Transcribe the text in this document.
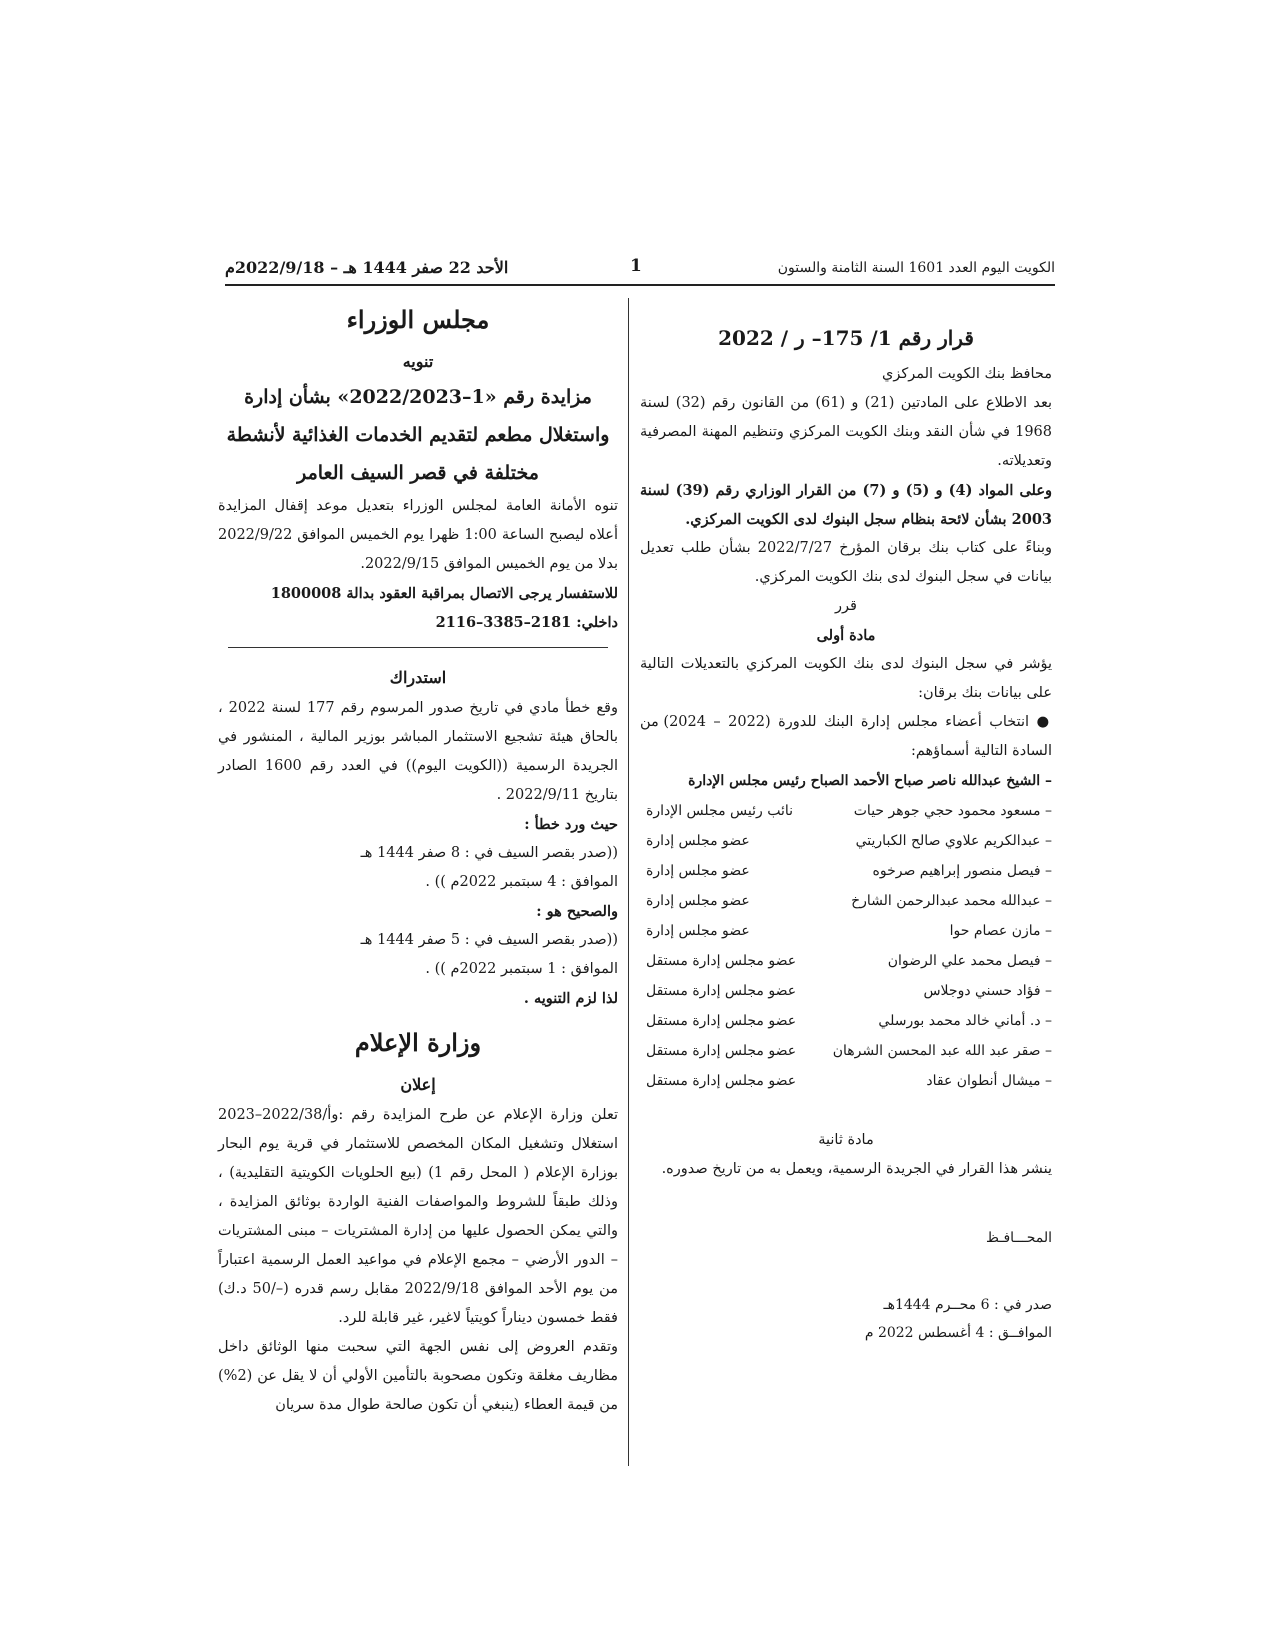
الكويت اليوم العدد 1601 السنة الثامنة والستون
1
الأحد 22 صفر 1444 هـ – 2022/9/18م
قرار رقم 1/ 175– ر / 2022

محافظ بنك الكويت المركزي

بعد الاطلاع على المادتين (21) و (61) من القانون رقم (32) لسنة 1968 في شأن النقد وبنك الكويت المركزي وتنظيم المهنة المصرفية وتعديلاته.

وعلى المواد (4) و (5) و (7) من القرار الوزاري رقم (39) لسنة 2003 بشأن لائحة بنظام سجل البنوك لدى الكويت المركزي.

وبناءً على كتاب بنك برقان المؤرخ 2022/7/27 بشأن طلب تعديل بيانات في سجل البنوك لدى بنك الكويت المركزي.

قرر

مادة أولى

يؤشر في سجل البنوك لدى بنك الكويت المركزي بالتعديلات التالية على بيانات بنك برقان:

● انتخاب أعضاء مجلس إدارة البنك للدورة (2022 – 2024) من السادة التالية أسماؤهم:

– الشيخ عبدالله ناصر صباح الأحمد الصباح رئيس مجلس الإدارة
– مسعود محمود حجي جوهر حيات
نائب رئيس مجلس الإدارة
– عبدالكريم علاوي صالح الكباريتي
عضو مجلس إدارة
– فيصل منصور إبراهيم صرخوه
عضو مجلس إدارة
– عبدالله محمد عبدالرحمن الشارخ
عضو مجلس إدارة
– مازن عصام حوا
عضو مجلس إدارة
– فيصل محمد علي الرضوان
عضو مجلس إدارة مستقل
– فؤاد حسني دوجلاس
عضو مجلس إدارة مستقل
– د. أماني خالد محمد بورسلي
عضو مجلس إدارة مستقل
– صقر عبد الله عبد المحسن الشرهان
عضو مجلس إدارة مستقل
– ميشال أنطوان عقاد
عضو مجلس إدارة مستقل

مادة ثانية

ينشر هذا القرار في الجريدة الرسمية، ويعمل به من تاريخ صدوره.

المحـــافـظ
صدر في : 6 محــرم 1444هـ
الموافــق : 4 أغسطس 2022 م
مجلس الوزراء
تنويه
مزايدة رقم «1–2022/2023» بشأن إدارة
واستغلال مطعم لتقديم الخدمات الغذائية لأنشطة
مختلفة في قصر السيف العامر

تنوه الأمانة العامة لمجلس الوزراء بتعديل موعد إقفال المزايدة أعلاه ليصبح الساعة 1:00 ظهرا يوم الخميس الموافق 2022/9/22 بدلا من يوم الخميس الموافق 2022/9/15.

للاستفسار يرجى الاتصال بمراقبة العقود بدالة 1800008

داخلي: 2181–3385–2116

استدراك

وقع خطأ مادي في تاريخ صدور المرسوم رقم 177 لسنة 2022 ، بالحاق هيئة تشجيع الاستثمار المباشر بوزير المالية ، المنشور في الجريدة الرسمية ((الكويت اليوم)) في العدد رقم 1600 الصادر بتاريخ 2022/9/11 .

حيث ورد خطأ :

((صدر بقصر السيف في : 8 صفر 1444 هـ

الموافق : 4 سبتمبر 2022م )) .

والصحيح هو :

((صدر بقصر السيف في : 5 صفر 1444 هـ

الموافق : 1 سبتمبر 2022م )) .

لذا لزم التنويه .

وزارة الإعلام
إعلان

تعلن وزارة الإعلام عن طرح المزايدة رقم :وأ/2022/38–2023 استغلال وتشغيل المكان المخصص للاستثمار في قرية يوم البحار بوزارة الإعلام ( المحل رقم 1) (بيع الحلويات الكويتية التقليدية) ، وذلك طبقاً للشروط والمواصفات الفنية الواردة بوثائق المزايدة ، والتي يمكن الحصول عليها من إدارة المشتريات – مبنى المشتريات – الدور الأرضي – مجمع الإعلام في مواعيد العمل الرسمية اعتباراً من يوم الأحد الموافق 2022/9/18 مقابل رسم قدره (–/50 د.ك) فقط خمسون ديناراً كويتياً لاغير، غير قابلة للرد.

وتقدم العروض إلى نفس الجهة التي سحبت منها الوثائق داخل مظاريف مغلقة وتكون مصحوبة بالتأمين الأولي أن لا يقل عن (2%) من قيمة العطاء (ينبغي أن تكون صالحة طوال مدة سريان
